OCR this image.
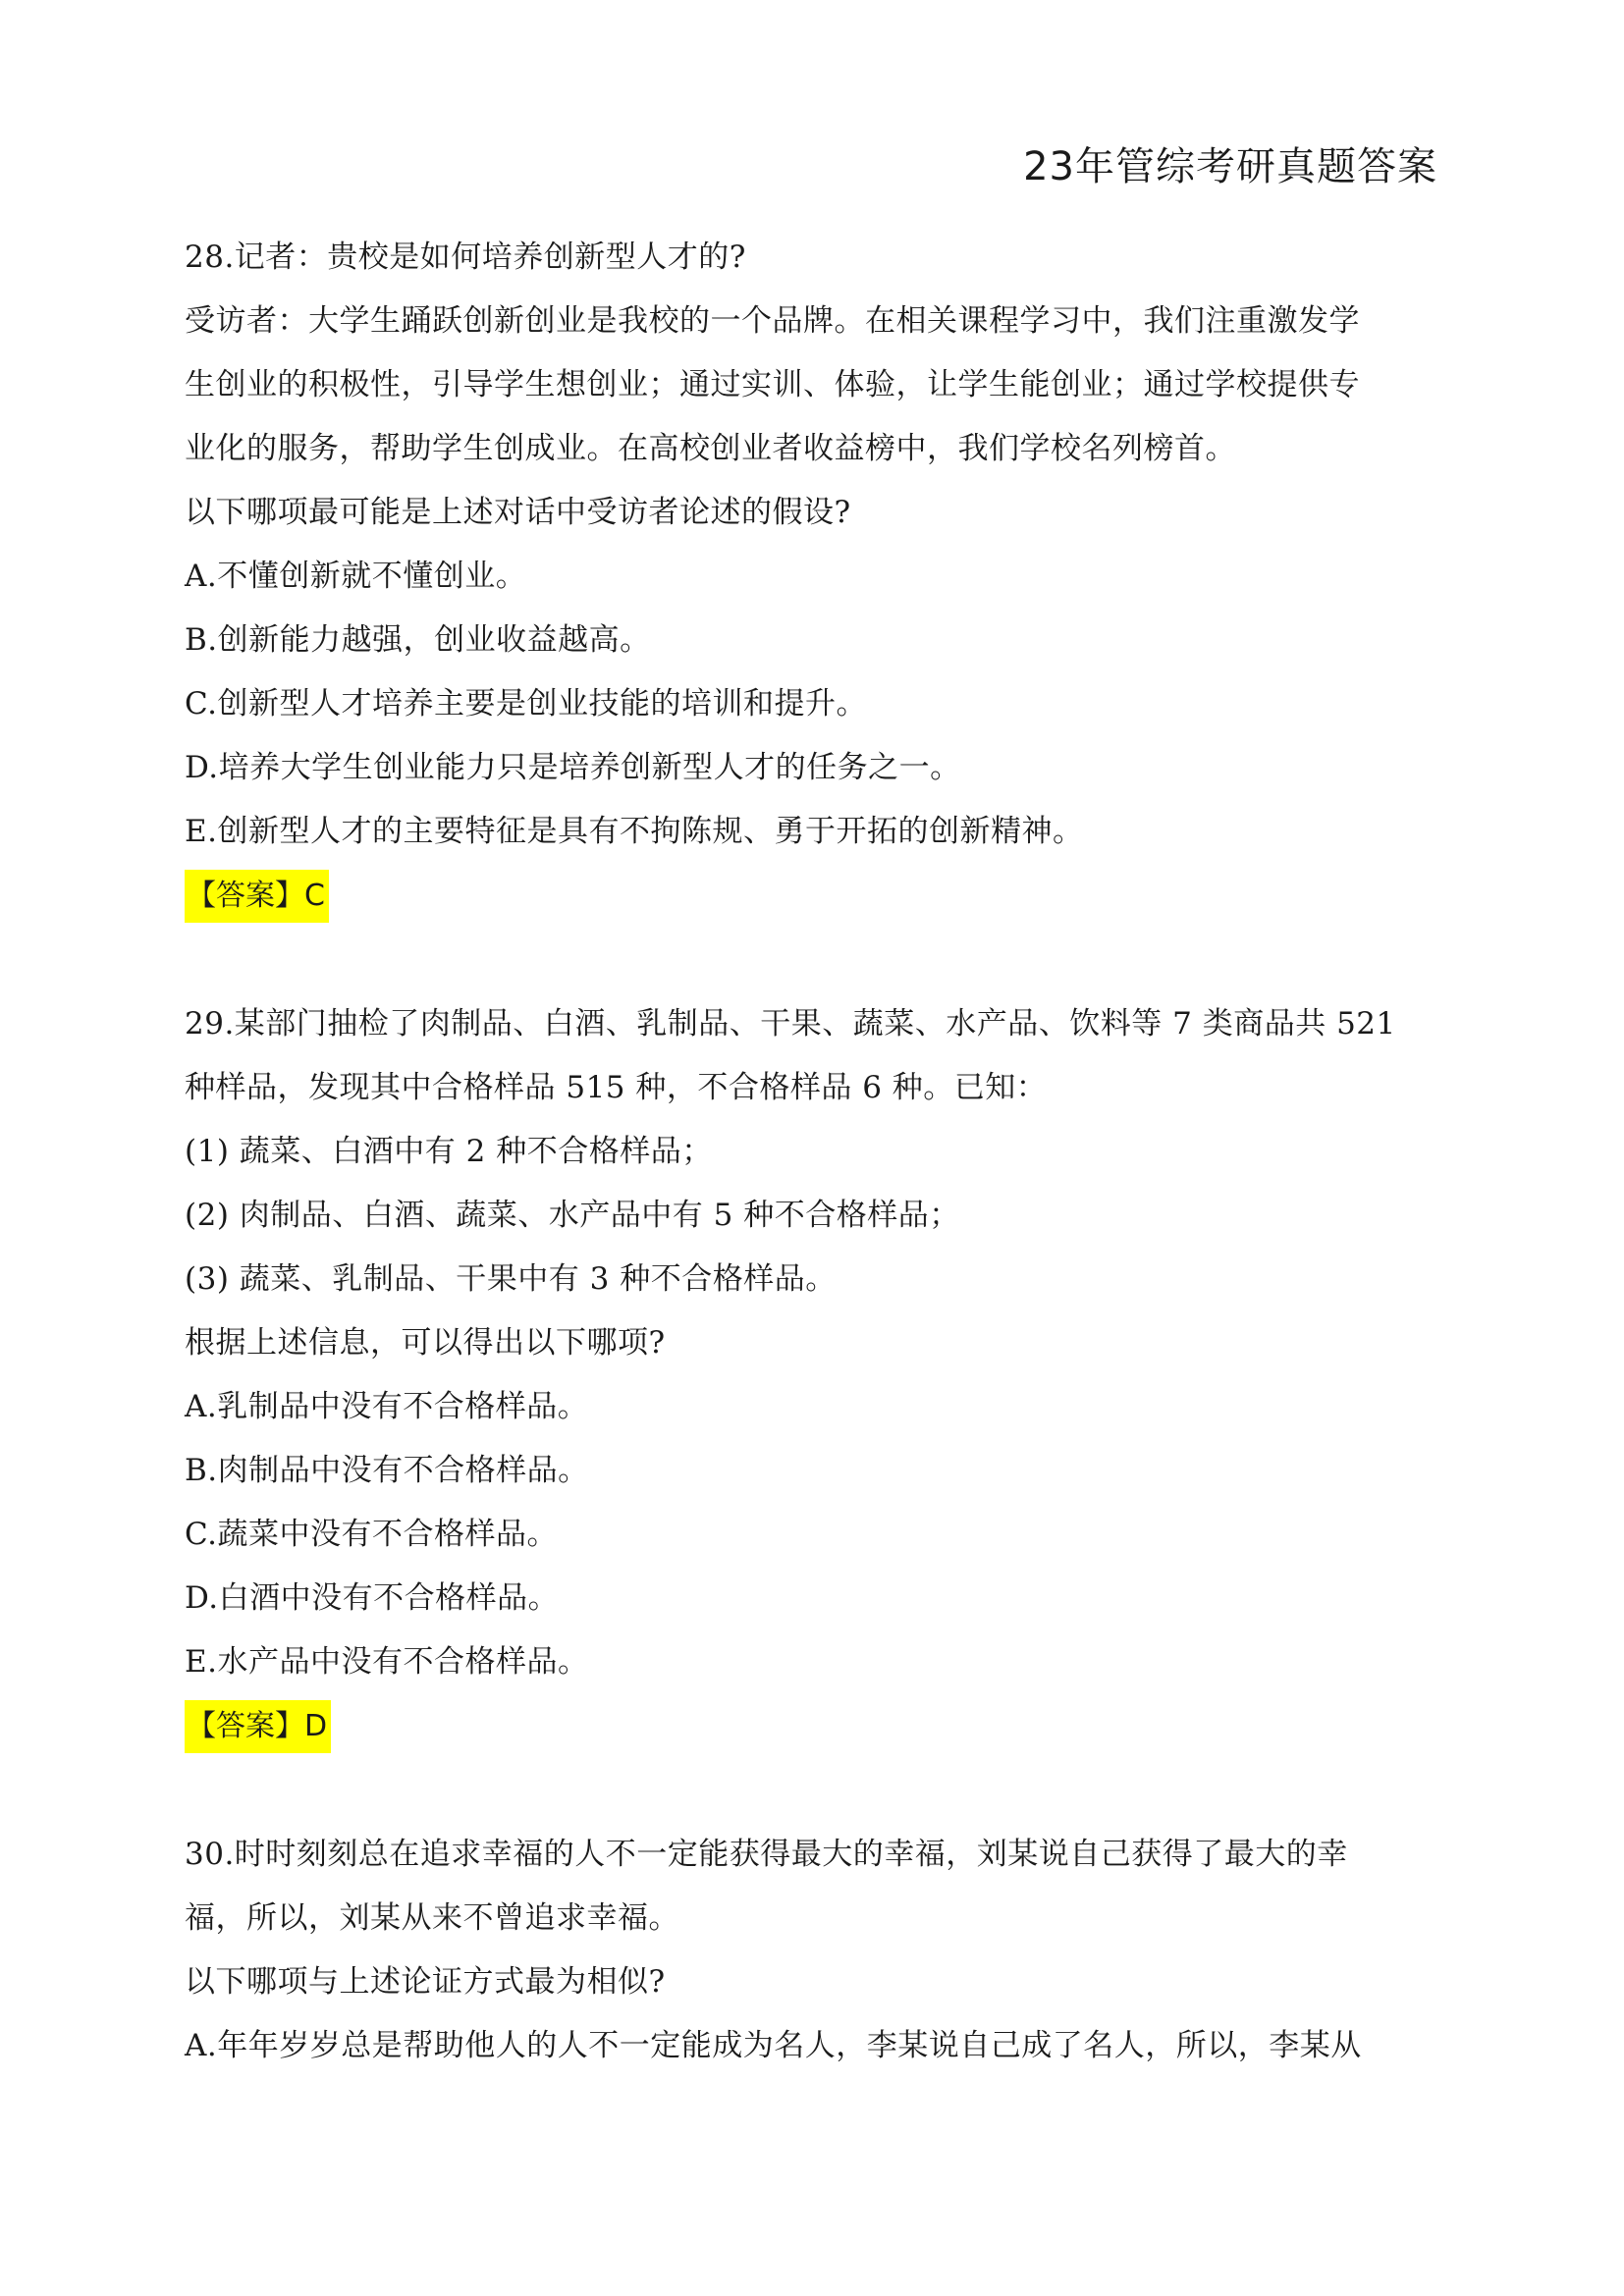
23年管综考研真题答案
28.记者：贵校是如何培养创新型人才的?
受访者：大学生踊跃创新创业是我校的一个品牌。在相关课程学习中，我们注重激发学
生创业的积极性，引导学生想创业；通过实训、体验，让学生能创业；通过学校提供专
业化的服务，帮助学生创成业。在高校创业者收益榜中，我们学校名列榜首。
以下哪项最可能是上述对话中受访者论述的假设?
A.不懂创新就不懂创业。
B.创新能力越强，创业收益越高。
C.创新型人才培养主要是创业技能的培训和提升。
D.培养大学生创业能力只是培养创新型人才的任务之一。
E.创新型人才的主要特征是具有不拘陈规、勇于开拓的创新精神。
【答案】C
29.某部门抽检了肉制品、白酒、乳制品、干果、蔬菜、水产品、饮料等 7 类商品共 521
种样品，发现其中合格样品 515 种，不合格样品 6 种。已知：
(1) 蔬菜、白酒中有 2 种不合格样品；
(2) 肉制品、白酒、蔬菜、水产品中有 5 种不合格样品；
(3) 蔬菜、乳制品、干果中有 3 种不合格样品。
根据上述信息，可以得出以下哪项?
A.乳制品中没有不合格样品。
B.肉制品中没有不合格样品。
C.蔬菜中没有不合格样品。
D.白酒中没有不合格样品。
E.水产品中没有不合格样品。
【答案】D
30.时时刻刻总在追求幸福的人不一定能获得最大的幸福，刘某说自己获得了最大的幸
福，所以，刘某从来不曾追求幸福。
以下哪项与上述论证方式最为相似?
A.年年岁岁总是帮助他人的人不一定能成为名人，李某说自己成了名人，所以，李某从
